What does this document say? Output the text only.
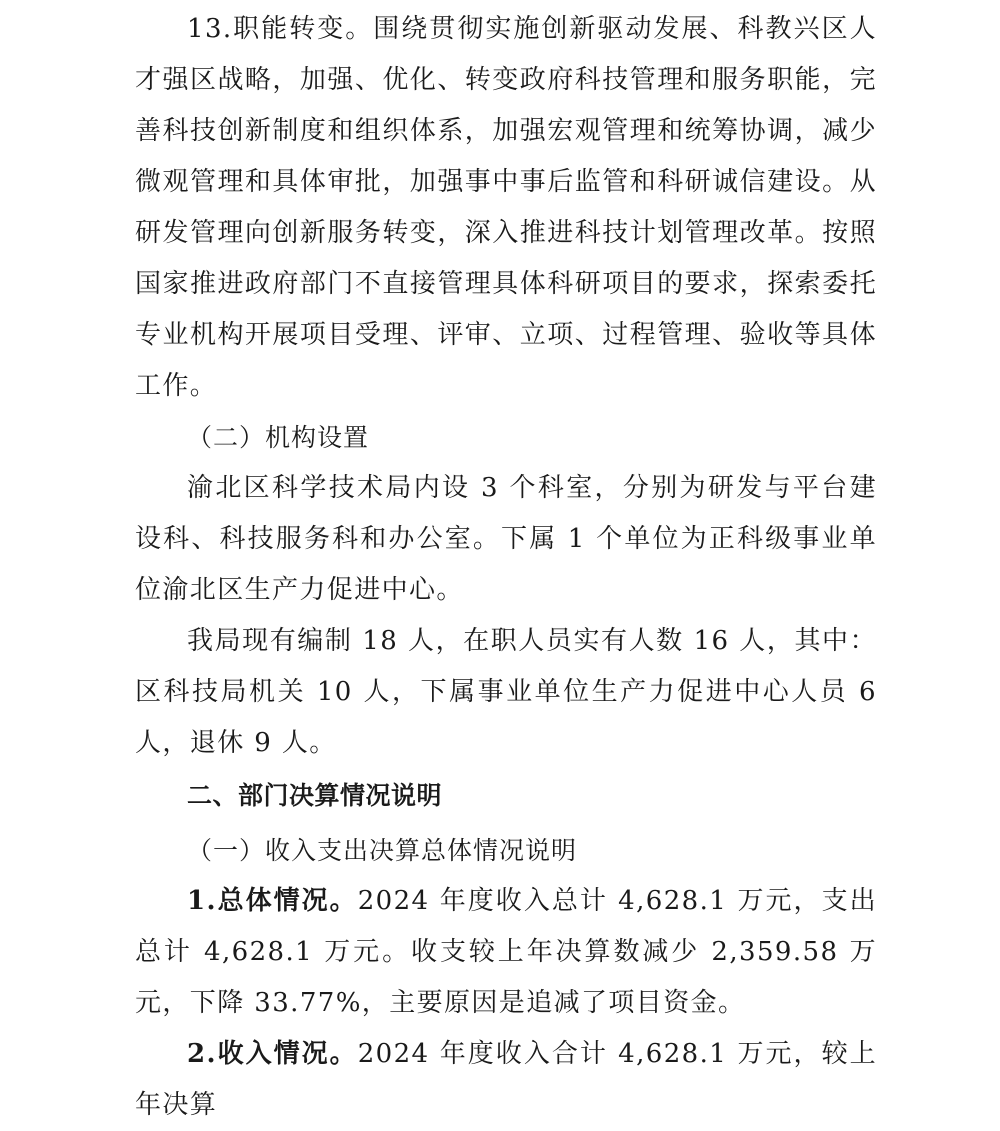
13.职能转变。围绕贯彻实施创新驱动发展、科教兴区人才强区战略，加强、优化、转变政府科技管理和服务职能，完善科技创新制度和组织体系，加强宏观管理和统筹协调，减少微观管理和具体审批，加强事中事后监管和科研诚信建设。从研发管理向创新服务转变，深入推进科技计划管理改革。按照国家推进政府部门不直接管理具体科研项目的要求，探索委托专业机构开展项目受理、评审、立项、过程管理、验收等具体工作。

（二）机构设置

渝北区科学技术局内设 3 个科室，分别为研发与平台建设科、科技服务科和办公室。下属 1 个单位为正科级事业单位渝北区生产力促进中心。

我局现有编制 18 人，在职人员实有人数 16 人，其中：区科技局机关 10 人，下属事业单位生产力促进中心人员 6 人，退休 9 人。

二、部门决算情况说明

（一）收入支出决算总体情况说明

1.总体情况。2024 年度收入总计 4,628.1 万元，支出总计 4,628.1 万元。收支较上年决算数减少 2,359.58 万元，下降 33.77%，主要原因是追减了项目资金。

2.收入情况。2024 年度收入合计 4,628.1 万元，较上年决算
